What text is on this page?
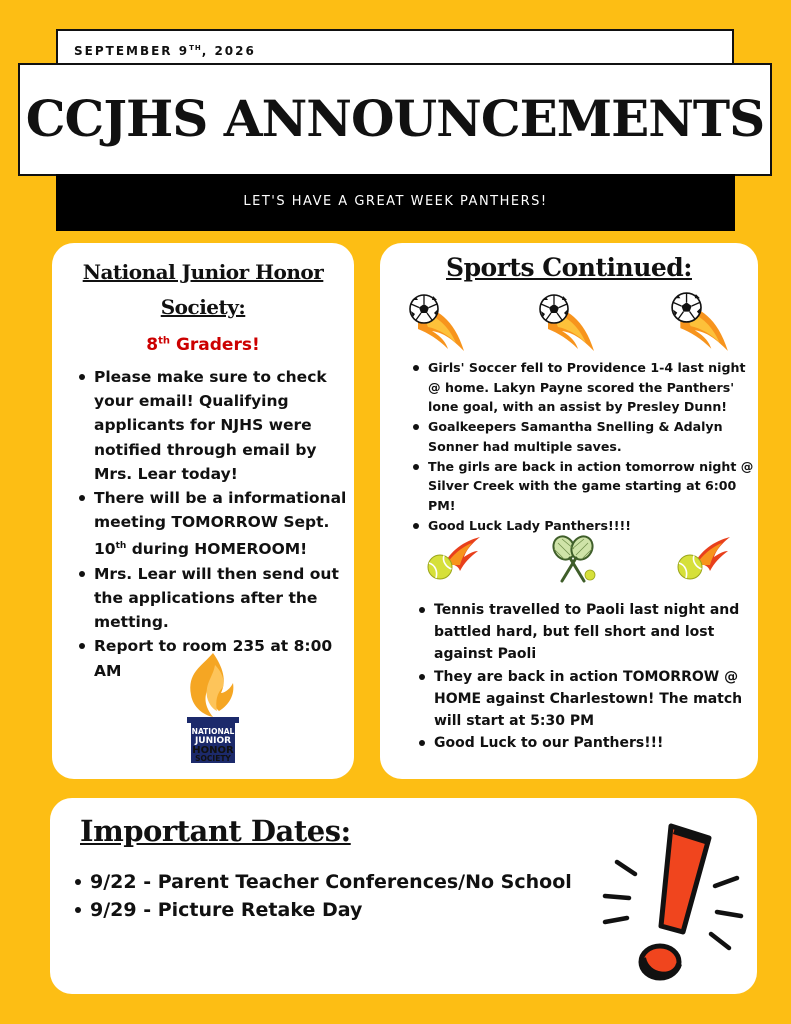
SEPTEMBER 9TH, 2026
CCJHS ANNOUNCEMENTS
LET'S HAVE A GREAT WEEK PANTHERS!
National Junior Honor Society:
8th Graders!
Please make sure to check your email! Qualifying applicants for NJHS were notified through email by Mrs. Lear today!
There will be a informational meeting TOMORROW Sept. 10th during HOMEROOM!
Mrs. Lear will then send out the applications after the metting.
Report to room 235 at 8:00 AM
NATIONAL
JUNIOR
HONOR
SOCIETY
Sports Continued:
Girls' Soccer fell to Providence 1-4 last night @ home. Lakyn Payne scored the Panthers' lone goal, with an assist by Presley Dunn!
Goalkeepers Samantha Snelling & Adalyn Sonner had multiple saves.
The girls are back in action tomorrow night @ Silver Creek with the game starting at 6:00 PM!
Good Luck Lady Panthers!!!!
Tennis travelled to Paoli last night and battled hard, but fell short and lost against Paoli
They are back in action TOMORROW @ HOME against Charlestown! The match will start at 5:30 PM
Good Luck to our Panthers!!!
Important Dates:
9/22 - Parent Teacher Conferences/No School
9/29 - Picture Retake Day
